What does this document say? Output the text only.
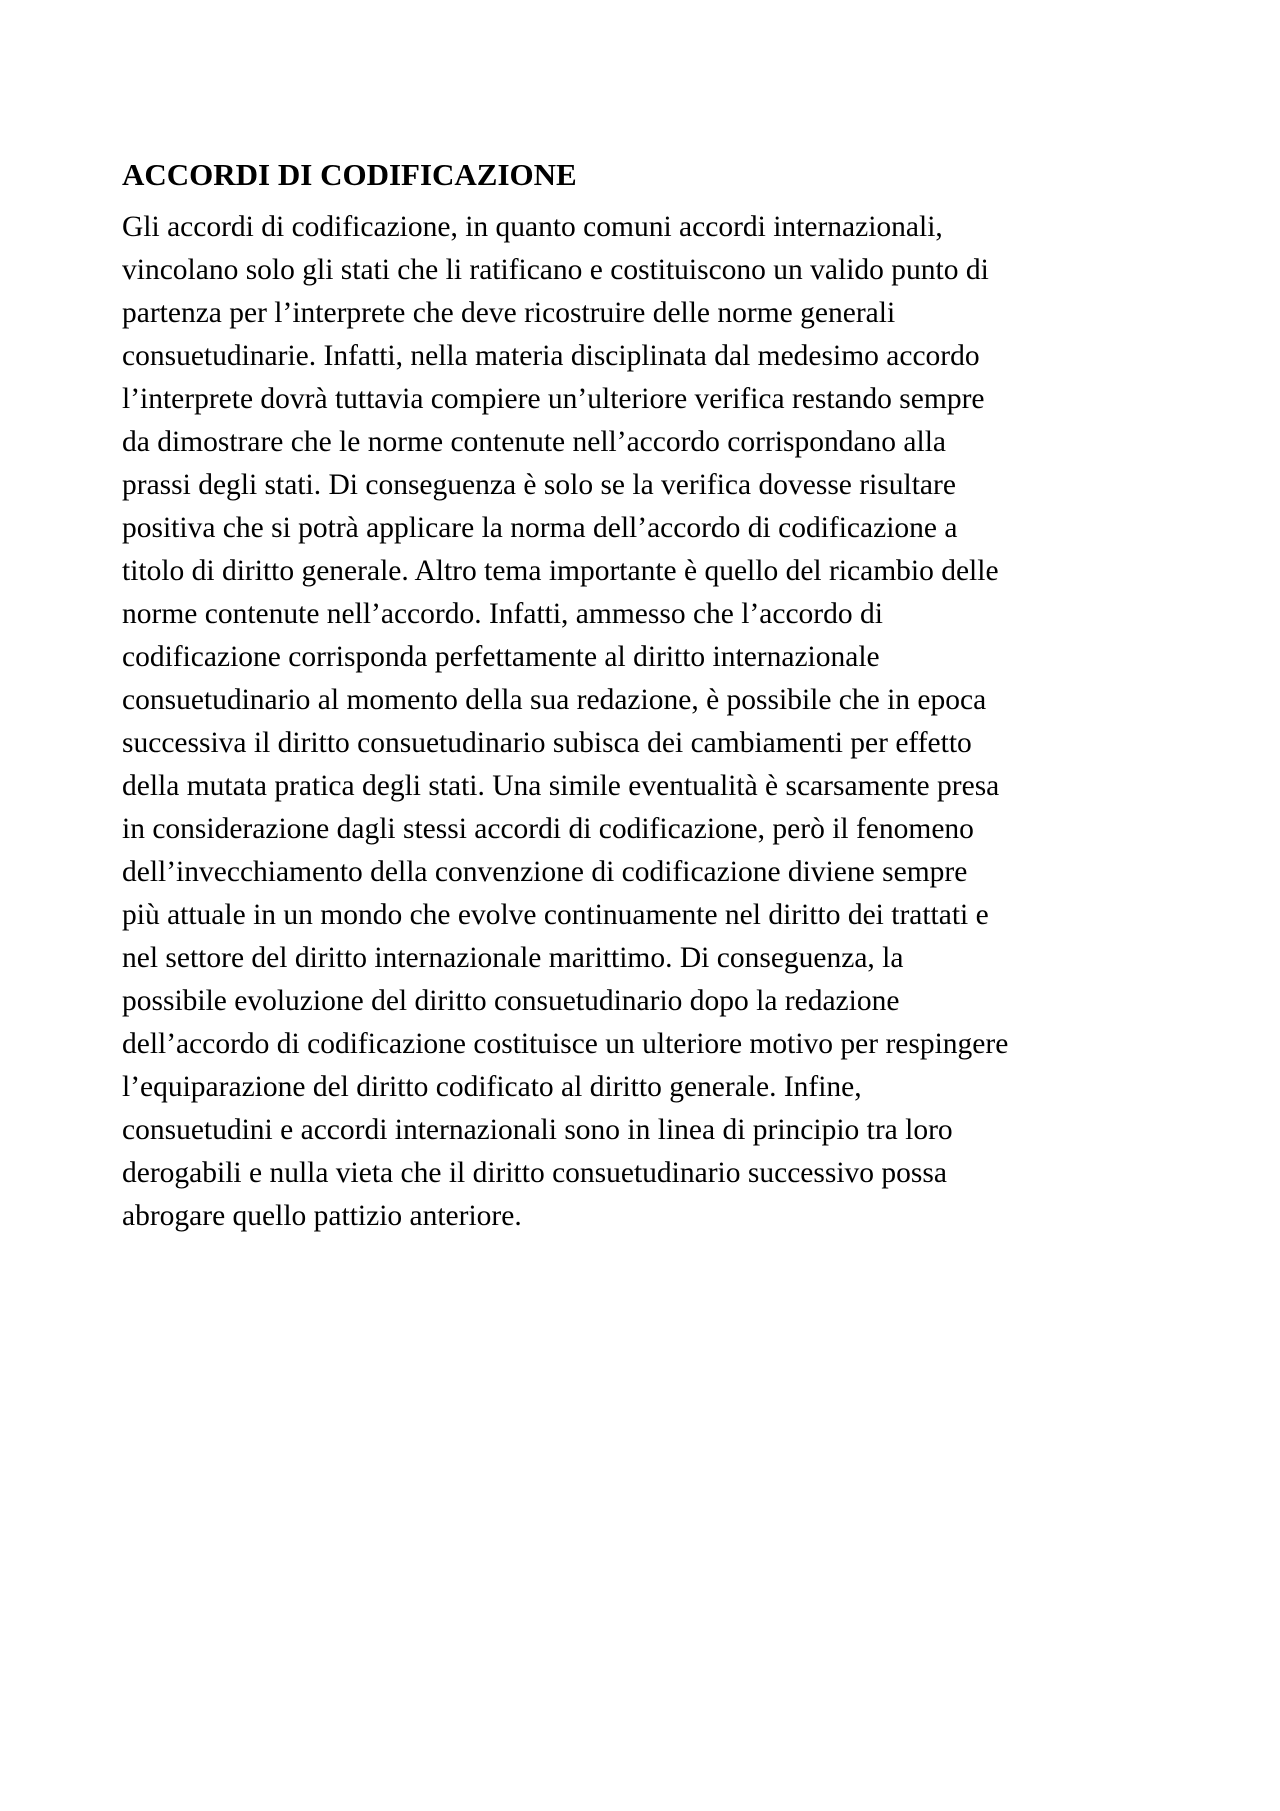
ACCORDI DI CODIFICAZIONE
Gli accordi di codificazione, in quanto comuni accordi internazionali,
vincolano solo gli stati che li ratificano e costituiscono un valido punto di
partenza per l’interprete che deve ricostruire delle norme generali
consuetudinarie. Infatti, nella materia disciplinata dal medesimo accordo
l’interprete dovrà tuttavia compiere un’ulteriore verifica restando sempre
da dimostrare che le norme contenute nell’accordo corrispondano alla
prassi degli stati. Di conseguenza è solo se la verifica dovesse risultare
positiva che si potrà applicare la norma dell’accordo di codificazione a
titolo di diritto generale. Altro tema importante è quello del ricambio delle
norme contenute nell’accordo. Infatti, ammesso che l’accordo di
codificazione corrisponda perfettamente al diritto internazionale
consuetudinario al momento della sua redazione, è possibile che in epoca
successiva il diritto consuetudinario subisca dei cambiamenti per effetto
della mutata pratica degli stati. Una simile eventualità è scarsamente presa
in considerazione dagli stessi accordi di codificazione, però il fenomeno
dell’invecchiamento della convenzione di codificazione diviene sempre
più attuale in un mondo che evolve continuamente nel diritto dei trattati e
nel settore del diritto internazionale marittimo. Di conseguenza, la
possibile evoluzione del diritto consuetudinario dopo la redazione
dell’accordo di codificazione costituisce un ulteriore motivo per respingere
l’equiparazione del diritto codificato al diritto generale. Infine,
consuetudini e accordi internazionali sono in linea di principio tra loro
derogabili e nulla vieta che il diritto consuetudinario successivo possa
abrogare quello pattizio anteriore.
